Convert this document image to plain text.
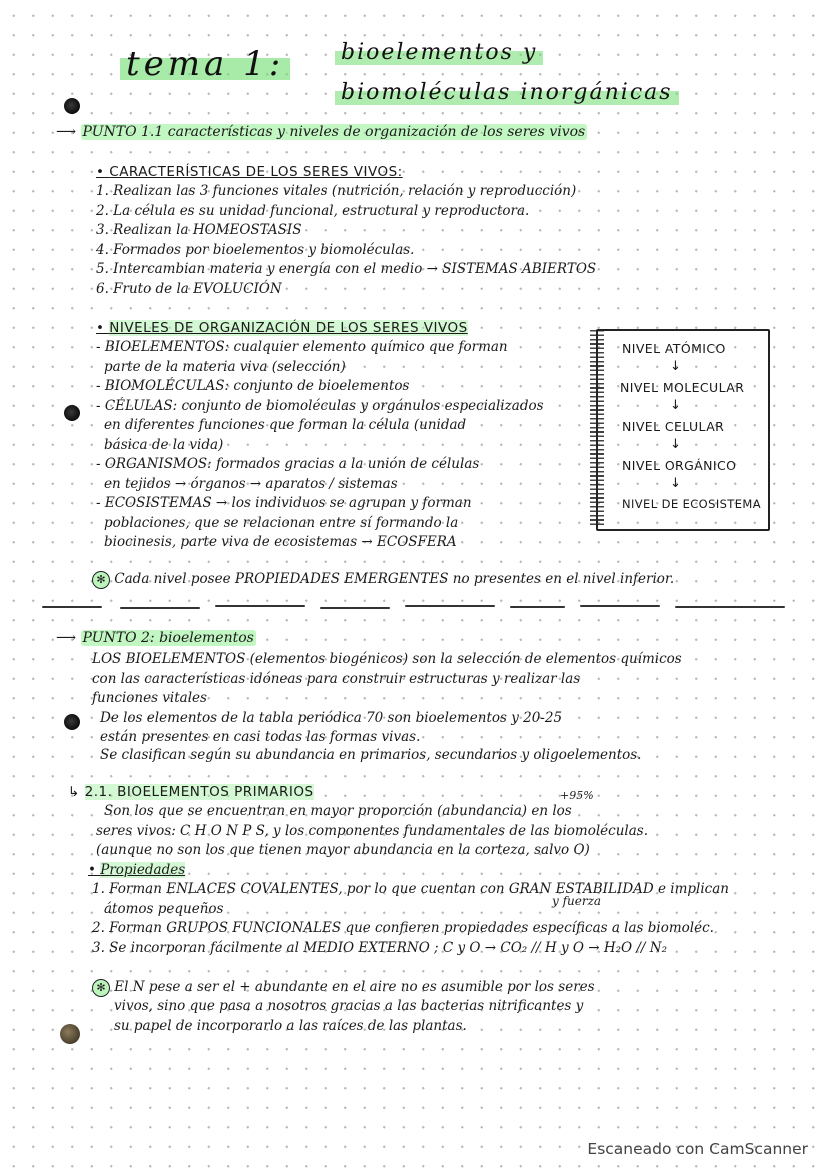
tema 1:	bioelementos y
biomoléculas inorgánicas
⟶ PUNTO 1.1 características y niveles de organización de los seres vivos
• CARACTERÍSTICAS DE LOS SERES VIVOS:
1. Realizan las 3 funciones vitales (nutrición, relación y reproducción)
2. La célula es su unidad funcional, estructural y reproductora.
3. Realizan la HOMEOSTASIS
4. Formados por bioelementos y biomoléculas.
5. Intercambian materia y energía con el medio → SISTEMAS ABIERTOS
6. Fruto de la EVOLUCIÓN
• NIVELES DE ORGANIZACIÓN DE LOS SERES VIVOS
- BIOELEMENTOS: cualquier elemento químico que forman
parte de la materia viva (selección)
- BIOMOLÉCULAS: conjunto de bioelementos
- CÉLULAS: conjunto de biomoléculas y orgánulos especializados
en diferentes funciones que forman la célula (unidad
básica de la vida)
- ORGANISMOS: formados gracias a la unión de células
en tejidos → órganos → aparatos / sistemas
- ECOSISTEMAS → los individuos se agrupan y forman
poblaciones, que se relacionan entre sí formando la
biocinesis, parte viva de ecosistemas → ECOSFERA
NIVEL ATÓMICO
↓
NIVEL MOLECULAR
↓
NIVEL CELULAR
↓
NIVEL ORGÁNICO
↓
NIVEL DE ECOSISTEMA
✻ Cada nivel posee PROPIEDADES EMERGENTES no presentes en el nivel inferior.
⟶ PUNTO 2: bioelementos
LOS BIOELEMENTOS (elementos biogénicos) son la selección de elementos químicos
con las características idóneas para construir estructuras y realizar las
funciones vitales
De los elementos de la tabla periódica 70 son bioelementos y 20-25
están presentes en casi todas las formas vivas.
Se clasifican según su abundancia en primarios, secundarios y oligoelementos.
↳ 2.1. BIOELEMENTOS PRIMARIOS	+95%
Son los que se encuentran en mayor proporción (abundancia) en los
seres vivos: C H O N P S, y los componentes fundamentales de las biomoléculas.
(aunque no son los que tienen mayor abundancia en la corteza, salvo O)
• Propiedades
1. Forman ENLACES COVALENTES, por lo que cuentan con GRAN ESTABILIDAD e implican
y fuerza
átomos pequeños
2. Forman GRUPOS FUNCIONALES que confieren propiedades específicas a las biomoléc.
3. Se incorporan fácilmente al MEDIO EXTERNO ; C y O → CO₂ // H y O → H₂O // N₂
✻ El N pese a ser el + abundante en el aire no es asumible por los seres
vivos, sino que pasa a nosotros gracias a las bacterias nitrificantes y
su papel de incorporarlo a las raíces de las plantas.
Escaneado con CamScanner
